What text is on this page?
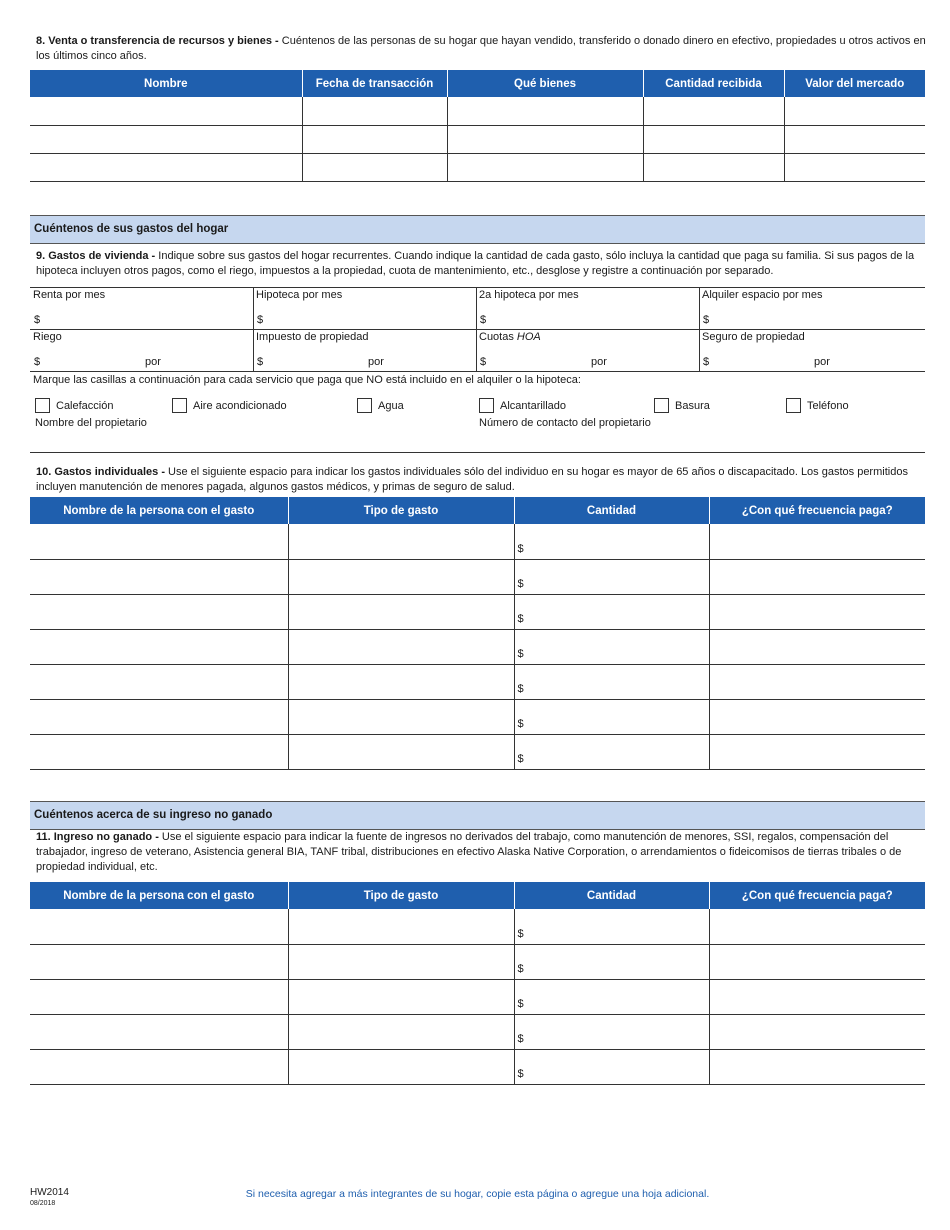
8. Venta o transferencia de recursos y bienes - Cuéntenos de las personas de su hogar que hayan vendido, transferido o donado dinero en efectivo, propiedades u otros activos en los últimos cinco años.
Nombre	Fecha de transacción	Qué bienes	Cantidad recibida	Valor del mercado

Cuéntenos de sus gastos del hogar
9. Gastos de vivienda - Indique sobre sus gastos del hogar recurrentes. Cuando indique la cantidad de cada gasto, sólo incluya la cantidad que paga su familia. Si sus pagos de la hipoteca incluyen otros pagos, como el riego, impuestos a la propiedad, cuota de mantenimiento, etc., desglose y registre a continuación por separado.
Renta por mes
$
Hipoteca por mes
$
2a hipoteca por mes
$
Alquiler espacio por mes
$
Riego
$	por
Impuesto de propiedad
$	por
Cuotas HOA
$	por
Seguro de propiedad
$	por
Marque las casillas a continuación para cada servicio que paga que NO está incluido en el alquiler o la hipoteca:
Calefacción	Aire acondicionado	Agua	Alcantarillado	Basura	Teléfono
Nombre del propietario	Número de contacto del propietario
10. Gastos individuales - Use el siguiente espacio para indicar los gastos individuales sólo del individuo en su hogar es mayor de 65 años o discapacitado. Los gastos permitidos incluyen manutención de menores pagada, algunos gastos médicos, y primas de seguro de salud.
Nombre de la persona con el gasto	Tipo de gasto	Cantidad	¿Con qué frecuencia paga?

		$	

		$	

		$	

		$	

		$	

		$	

		$	

Cuéntenos acerca de su ingreso no ganado
11. Ingreso no ganado - Use el siguiente espacio para indicar la fuente de ingresos no derivados del trabajo, como manutención de menores, SSI, regalos, compensación del trabajador, ingreso de veterano, Asistencia general BIA, TANF tribal, distribuciones en efectivo Alaska Native Corporation, o arrendamientos o fideicomisos de tierras tribales o de propiedad individual, etc.
Nombre de la persona con el gasto	Tipo de gasto	Cantidad	¿Con qué frecuencia paga?

		$	

		$	

		$	

		$	

		$	

HW2014
08/2018
Si necesita agregar a más integrantes de su hogar, copie esta página o agregue una hoja adicional.
